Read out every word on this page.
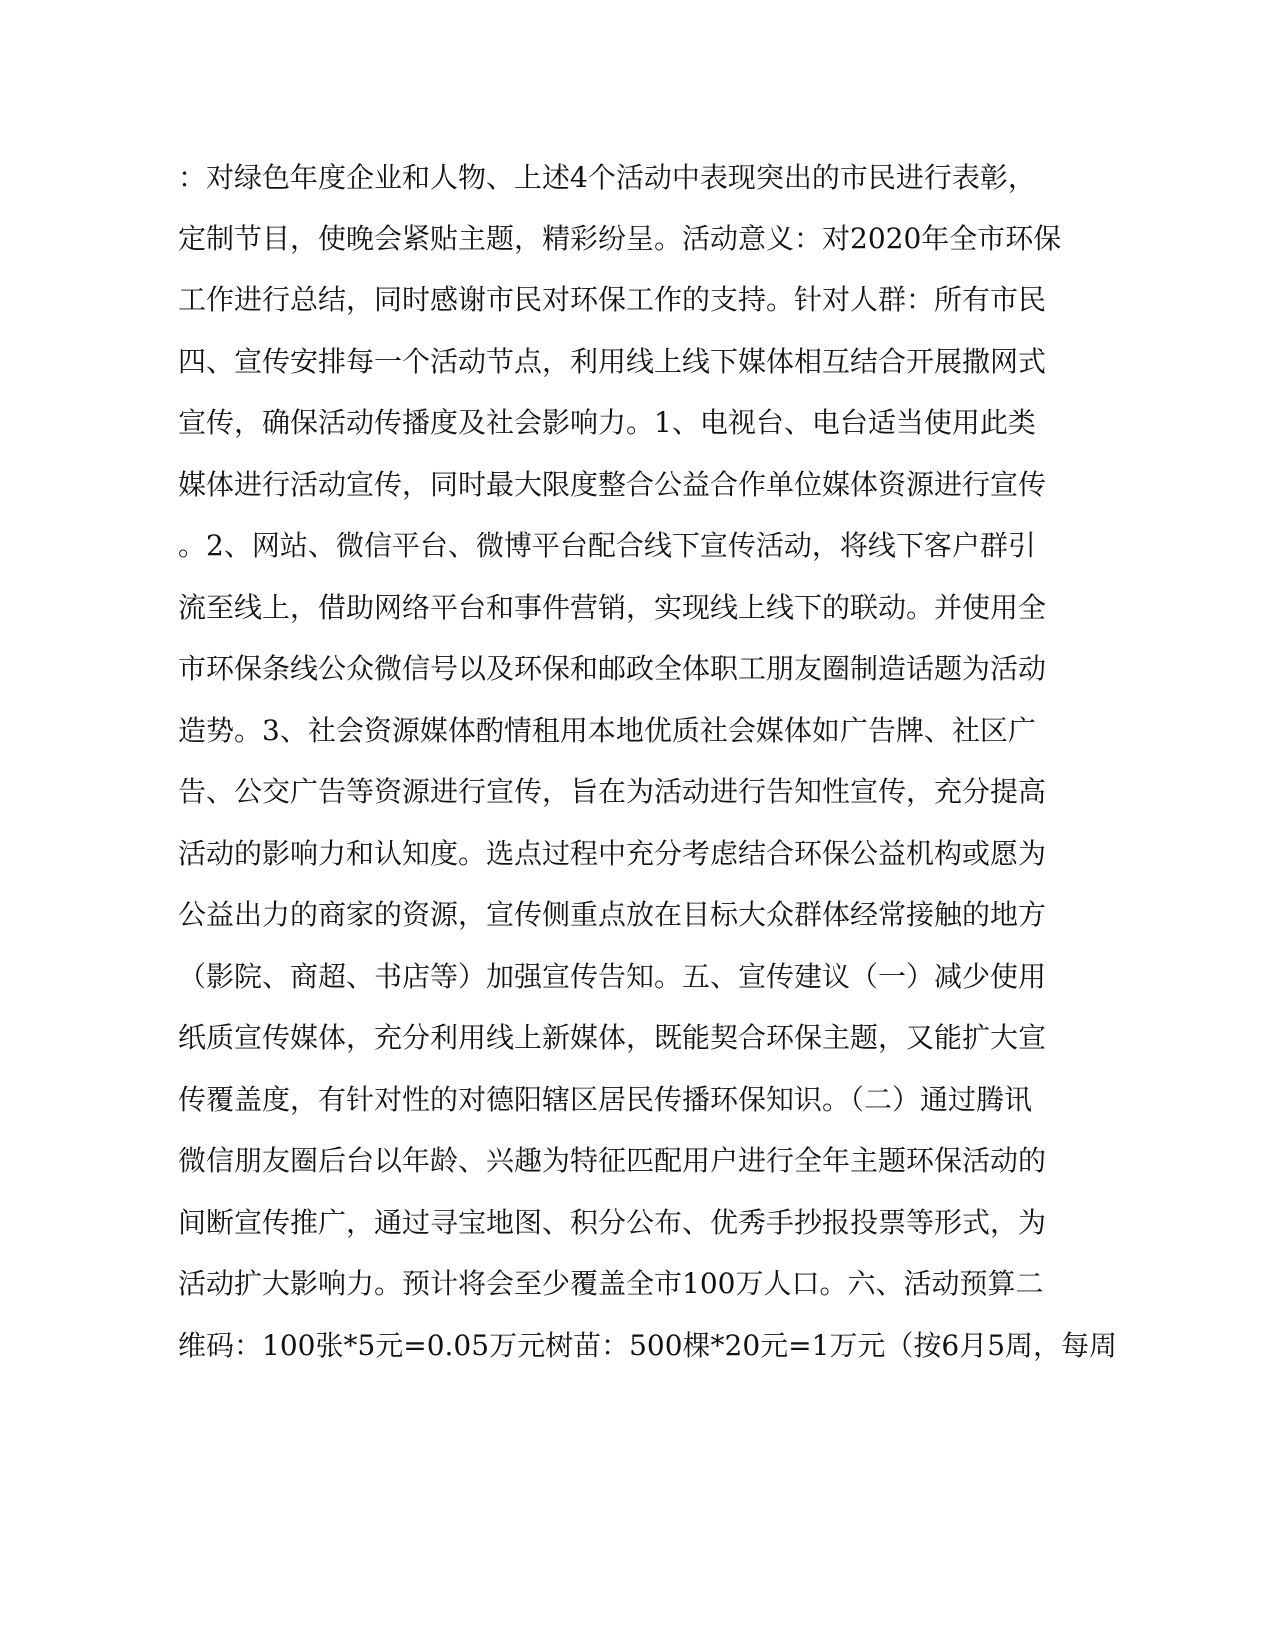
：对绿色年度企业和人物、上述4个活动中表现突出的市民进行表彰，
定制节目，使晚会紧贴主题，精彩纷呈。活动意义：对2020年全市环保
工作进行总结，同时感谢市民对环保工作的支持。针对人群：所有市民
四、宣传安排每一个活动节点，利用线上线下媒体相互结合开展撒网式
宣传，确保活动传播度及社会影响力。1、电视台、电台适当使用此类
媒体进行活动宣传，同时最大限度整合公益合作单位媒体资源进行宣传
。2、网站、微信平台、微博平台配合线下宣传活动，将线下客户群引
流至线上，借助网络平台和事件营销，实现线上线下的联动。并使用全
市环保条线公众微信号以及环保和邮政全体职工朋友圈制造话题为活动
造势。3、社会资源媒体酌情租用本地优质社会媒体如广告牌、社区广
告、公交广告等资源进行宣传，旨在为活动进行告知性宣传，充分提高
活动的影响力和认知度。选点过程中充分考虑结合环保公益机构或愿为
公益出力的商家的资源，宣传侧重点放在目标大众群体经常接触的地方
（影院、商超、书店等）加强宣传告知。五、宣传建议（一）减少使用
纸质宣传媒体，充分利用线上新媒体，既能契合环保主题，又能扩大宣
传覆盖度，有针对性的对德阳辖区居民传播环保知识。（二）通过腾讯
微信朋友圈后台以年龄、兴趣为特征匹配用户进行全年主题环保活动的
间断宣传推广，通过寻宝地图、积分公布、优秀手抄报投票等形式，为
活动扩大影响力。预计将会至少覆盖全市100万人口。六、活动预算二
维码：100张*5元=0.05万元树苗：500棵*20元=1万元（按6月5周，每周
